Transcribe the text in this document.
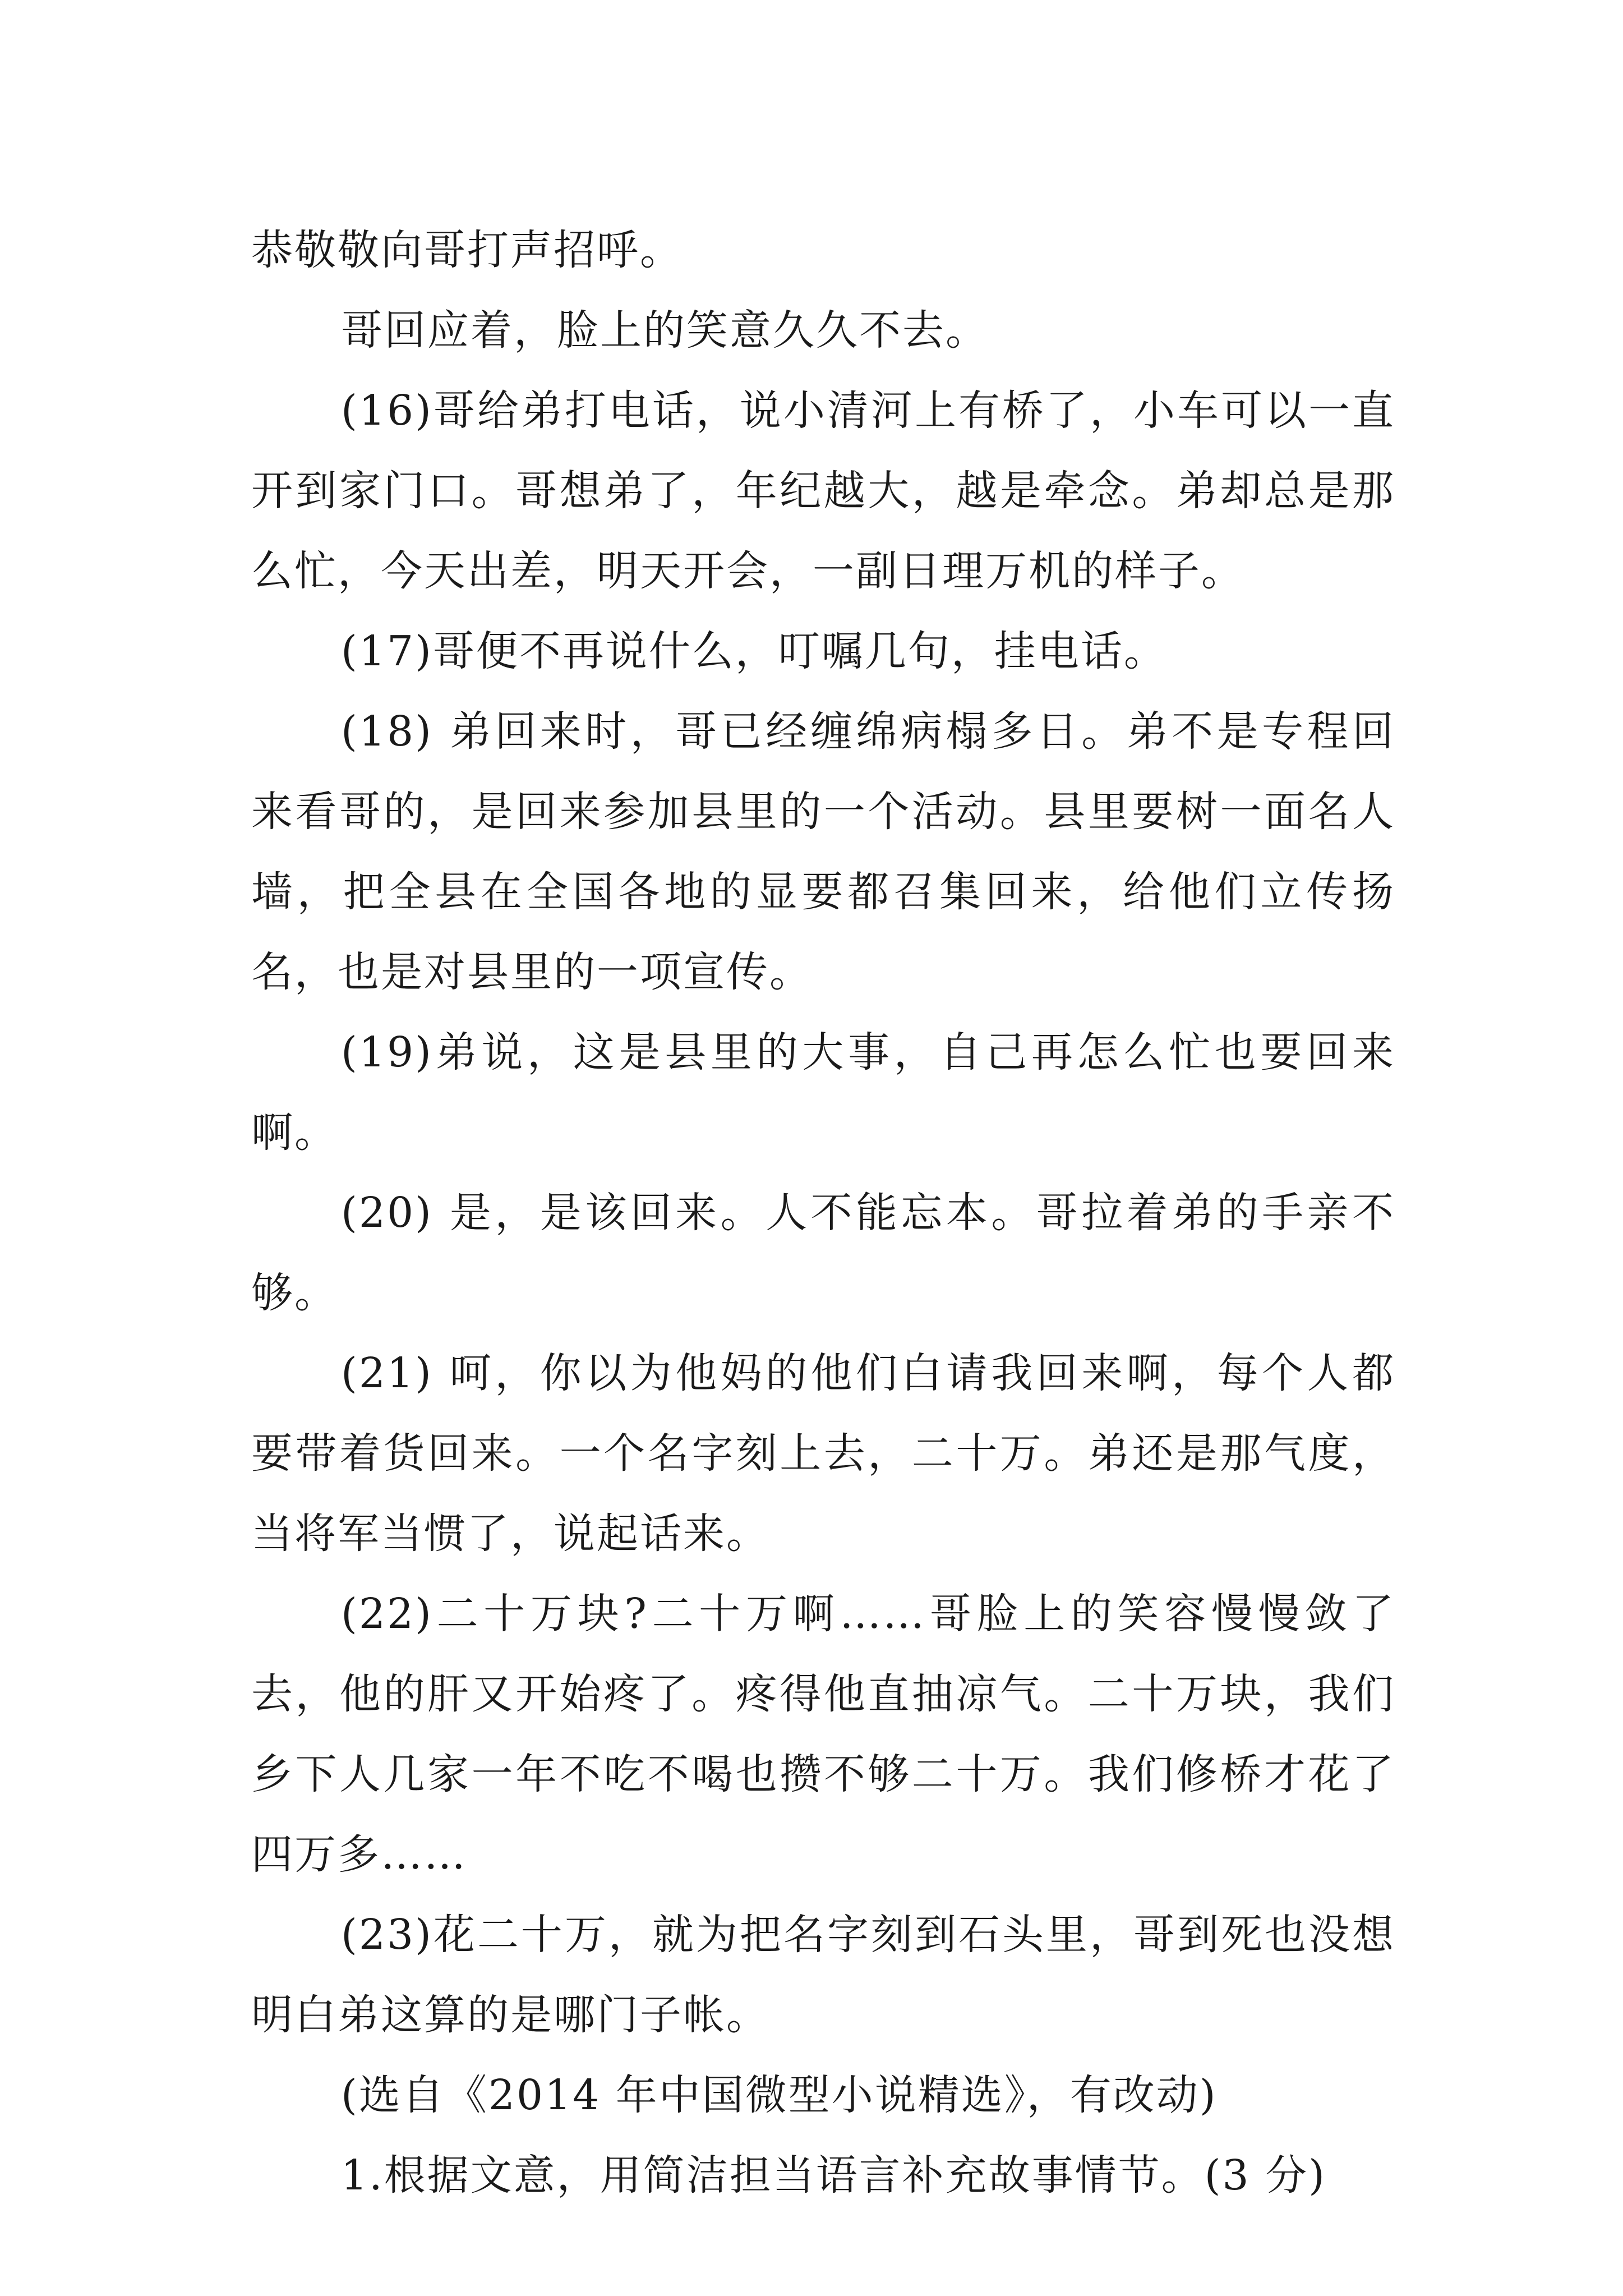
恭敬敬向哥打声招呼。

哥回应着，脸上的笑意久久不去。

(16)哥给弟打电话，说小清河上有桥了，小车可以一直开到家门口。哥想弟了，年纪越大，越是牵念。弟却总是那么忙，今天出差，明天开会，一副日理万机的样子。

(17)哥便不再说什么，叮嘱几句，挂电话。

(18) 弟回来时，哥已经缠绵病榻多日。弟不是专程回来看哥的，是回来参加县里的一个活动。县里要树一面名人墙，把全县在全国各地的显要都召集回来，给他们立传扬名，也是对县里的一项宣传。

(19)弟说，这是县里的大事，自己再怎么忙也要回来啊。

(20) 是，是该回来。人不能忘本。哥拉着弟的手亲不够。

(21) 呵，你以为他妈的他们白请我回来啊，每个人都要带着货回来。一个名字刻上去，二十万。弟还是那气度，当将军当惯了，说起话来。

(22)二十万块?二十万啊……哥脸上的笑容慢慢敛了去，他的肝又开始疼了。疼得他直抽凉气。二十万块，我们乡下人几家一年不吃不喝也攒不够二十万。我们修桥才花了四万多……

(23)花二十万，就为把名字刻到石头里，哥到死也没想明白弟这算的是哪门子帐。

(选自《2014 年中国微型小说精选》，有改动)

1.根据文意，用简洁担当语言补充故事情节。(3 分)
